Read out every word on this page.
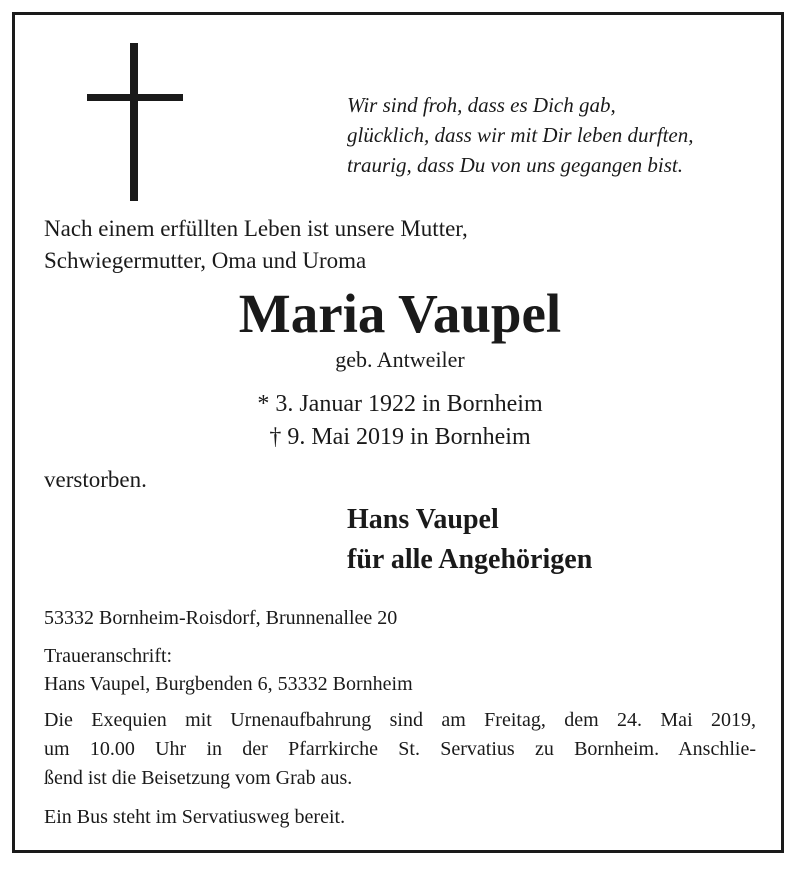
Wir sind froh, dass es Dich gab,
glücklich, dass wir mit Dir leben durften,
traurig, dass Du von uns gegangen bist.
Nach einem erfüllten Leben ist unsere Mutter,
Schwiegermutter, Oma und Uroma
Maria Vaupel
geb. Antweiler
* 3. Januar 1922 in Bornheim
† 9. Mai 2019 in Bornheim
verstorben.
Hans Vaupel
für alle Angehörigen
53332 Bornheim-Roisdorf, Brunnenallee 20
Traueranschrift:
Hans Vaupel, Burgbenden 6, 53332 Bornheim
Die Exequien mit Urnenaufbahrung sind am Freitag, dem 24. Mai 2019,
um 10.00 Uhr in der Pfarrkirche St. Servatius zu Bornheim. Anschlie-
ßend ist die Beisetzung vom Grab aus.
Ein Bus steht im Servatiusweg bereit.
